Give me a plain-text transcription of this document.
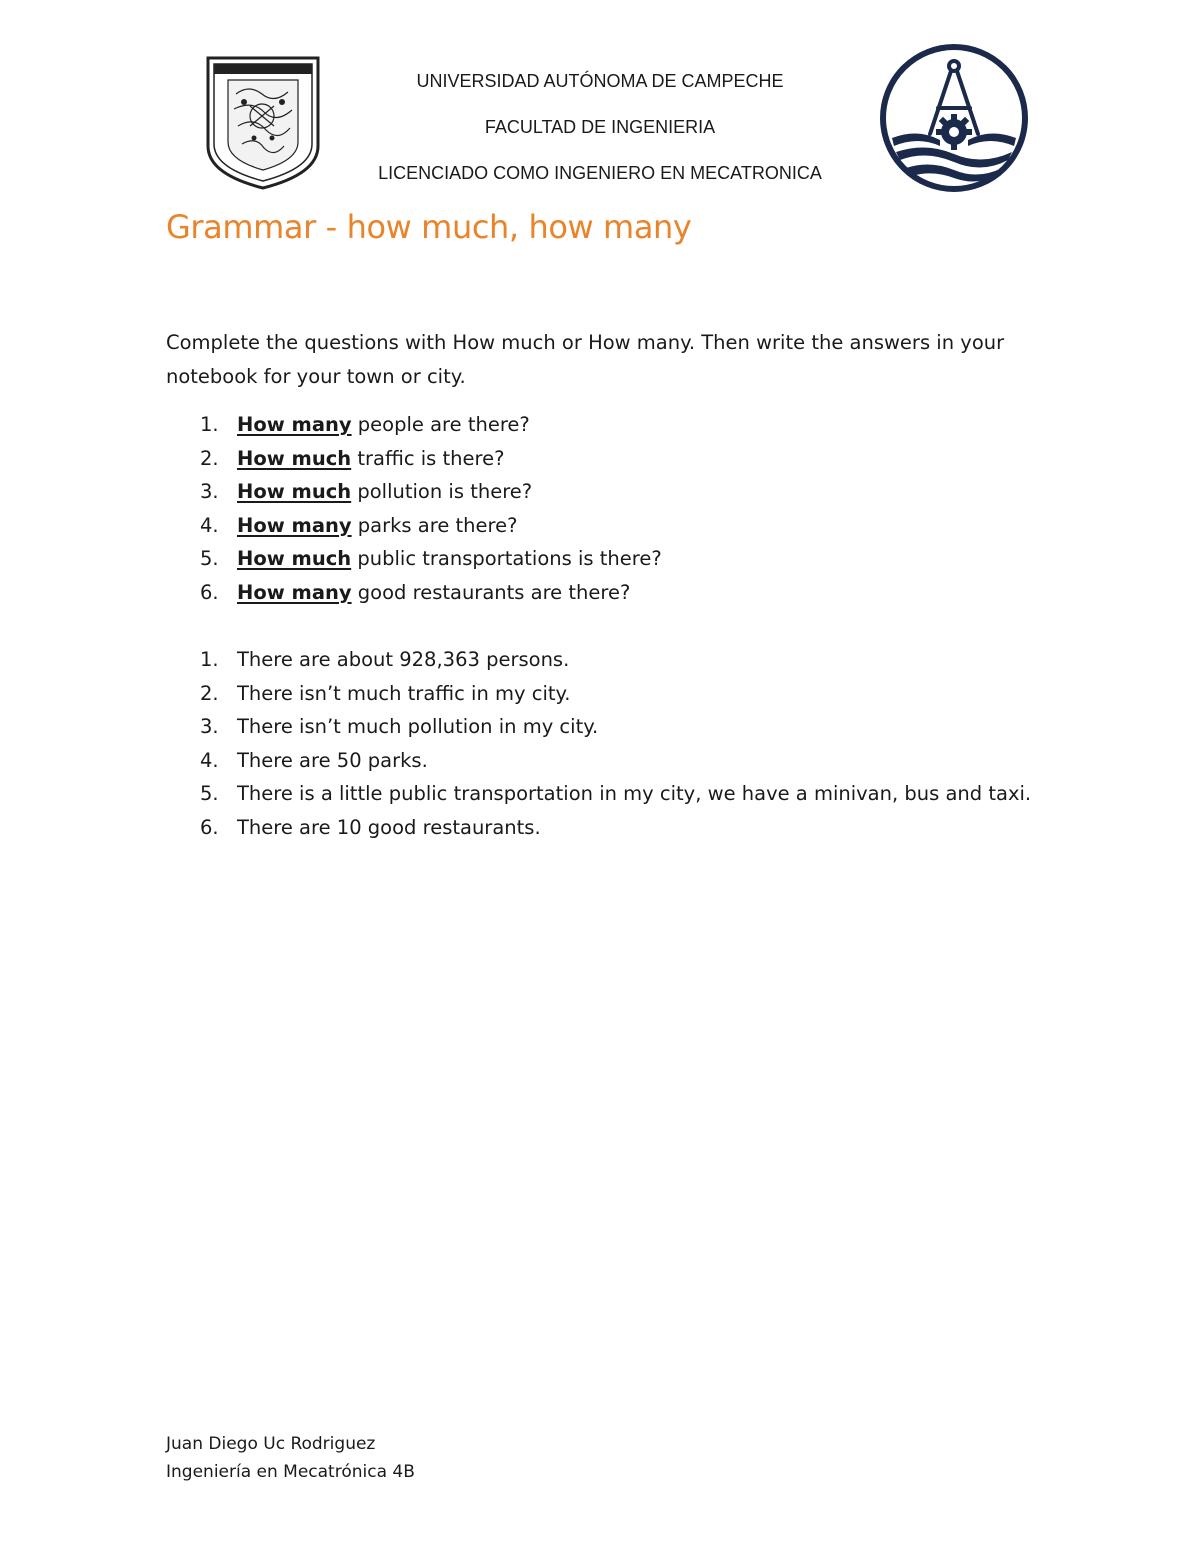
UNIVERSIDAD AUTÓNOMA DE CAMPECHE
FACULTAD DE INGENIERIA
LICENCIADO COMO INGENIERO EN MECATRONICA
Grammar - how much, how many
Complete the questions with How much or How many. Then write the answers in your notebook for your town or city.
1. How many people are there?
2. How much traffic is there?
3. How much pollution is there?
4. How many parks are there?
5. How much public transportations is there?
6. How many good restaurants are there?
1. There are about 928,363 persons.
2. There isn’t much traffic in my city.
3. There isn’t much pollution in my city.
4. There are 50 parks.
5. There is a little public transportation in my city, we have a minivan, bus and taxi.
6. There are 10 good restaurants.
Juan Diego Uc Rodriguez
Ingeniería en Mecatrónica 4B
